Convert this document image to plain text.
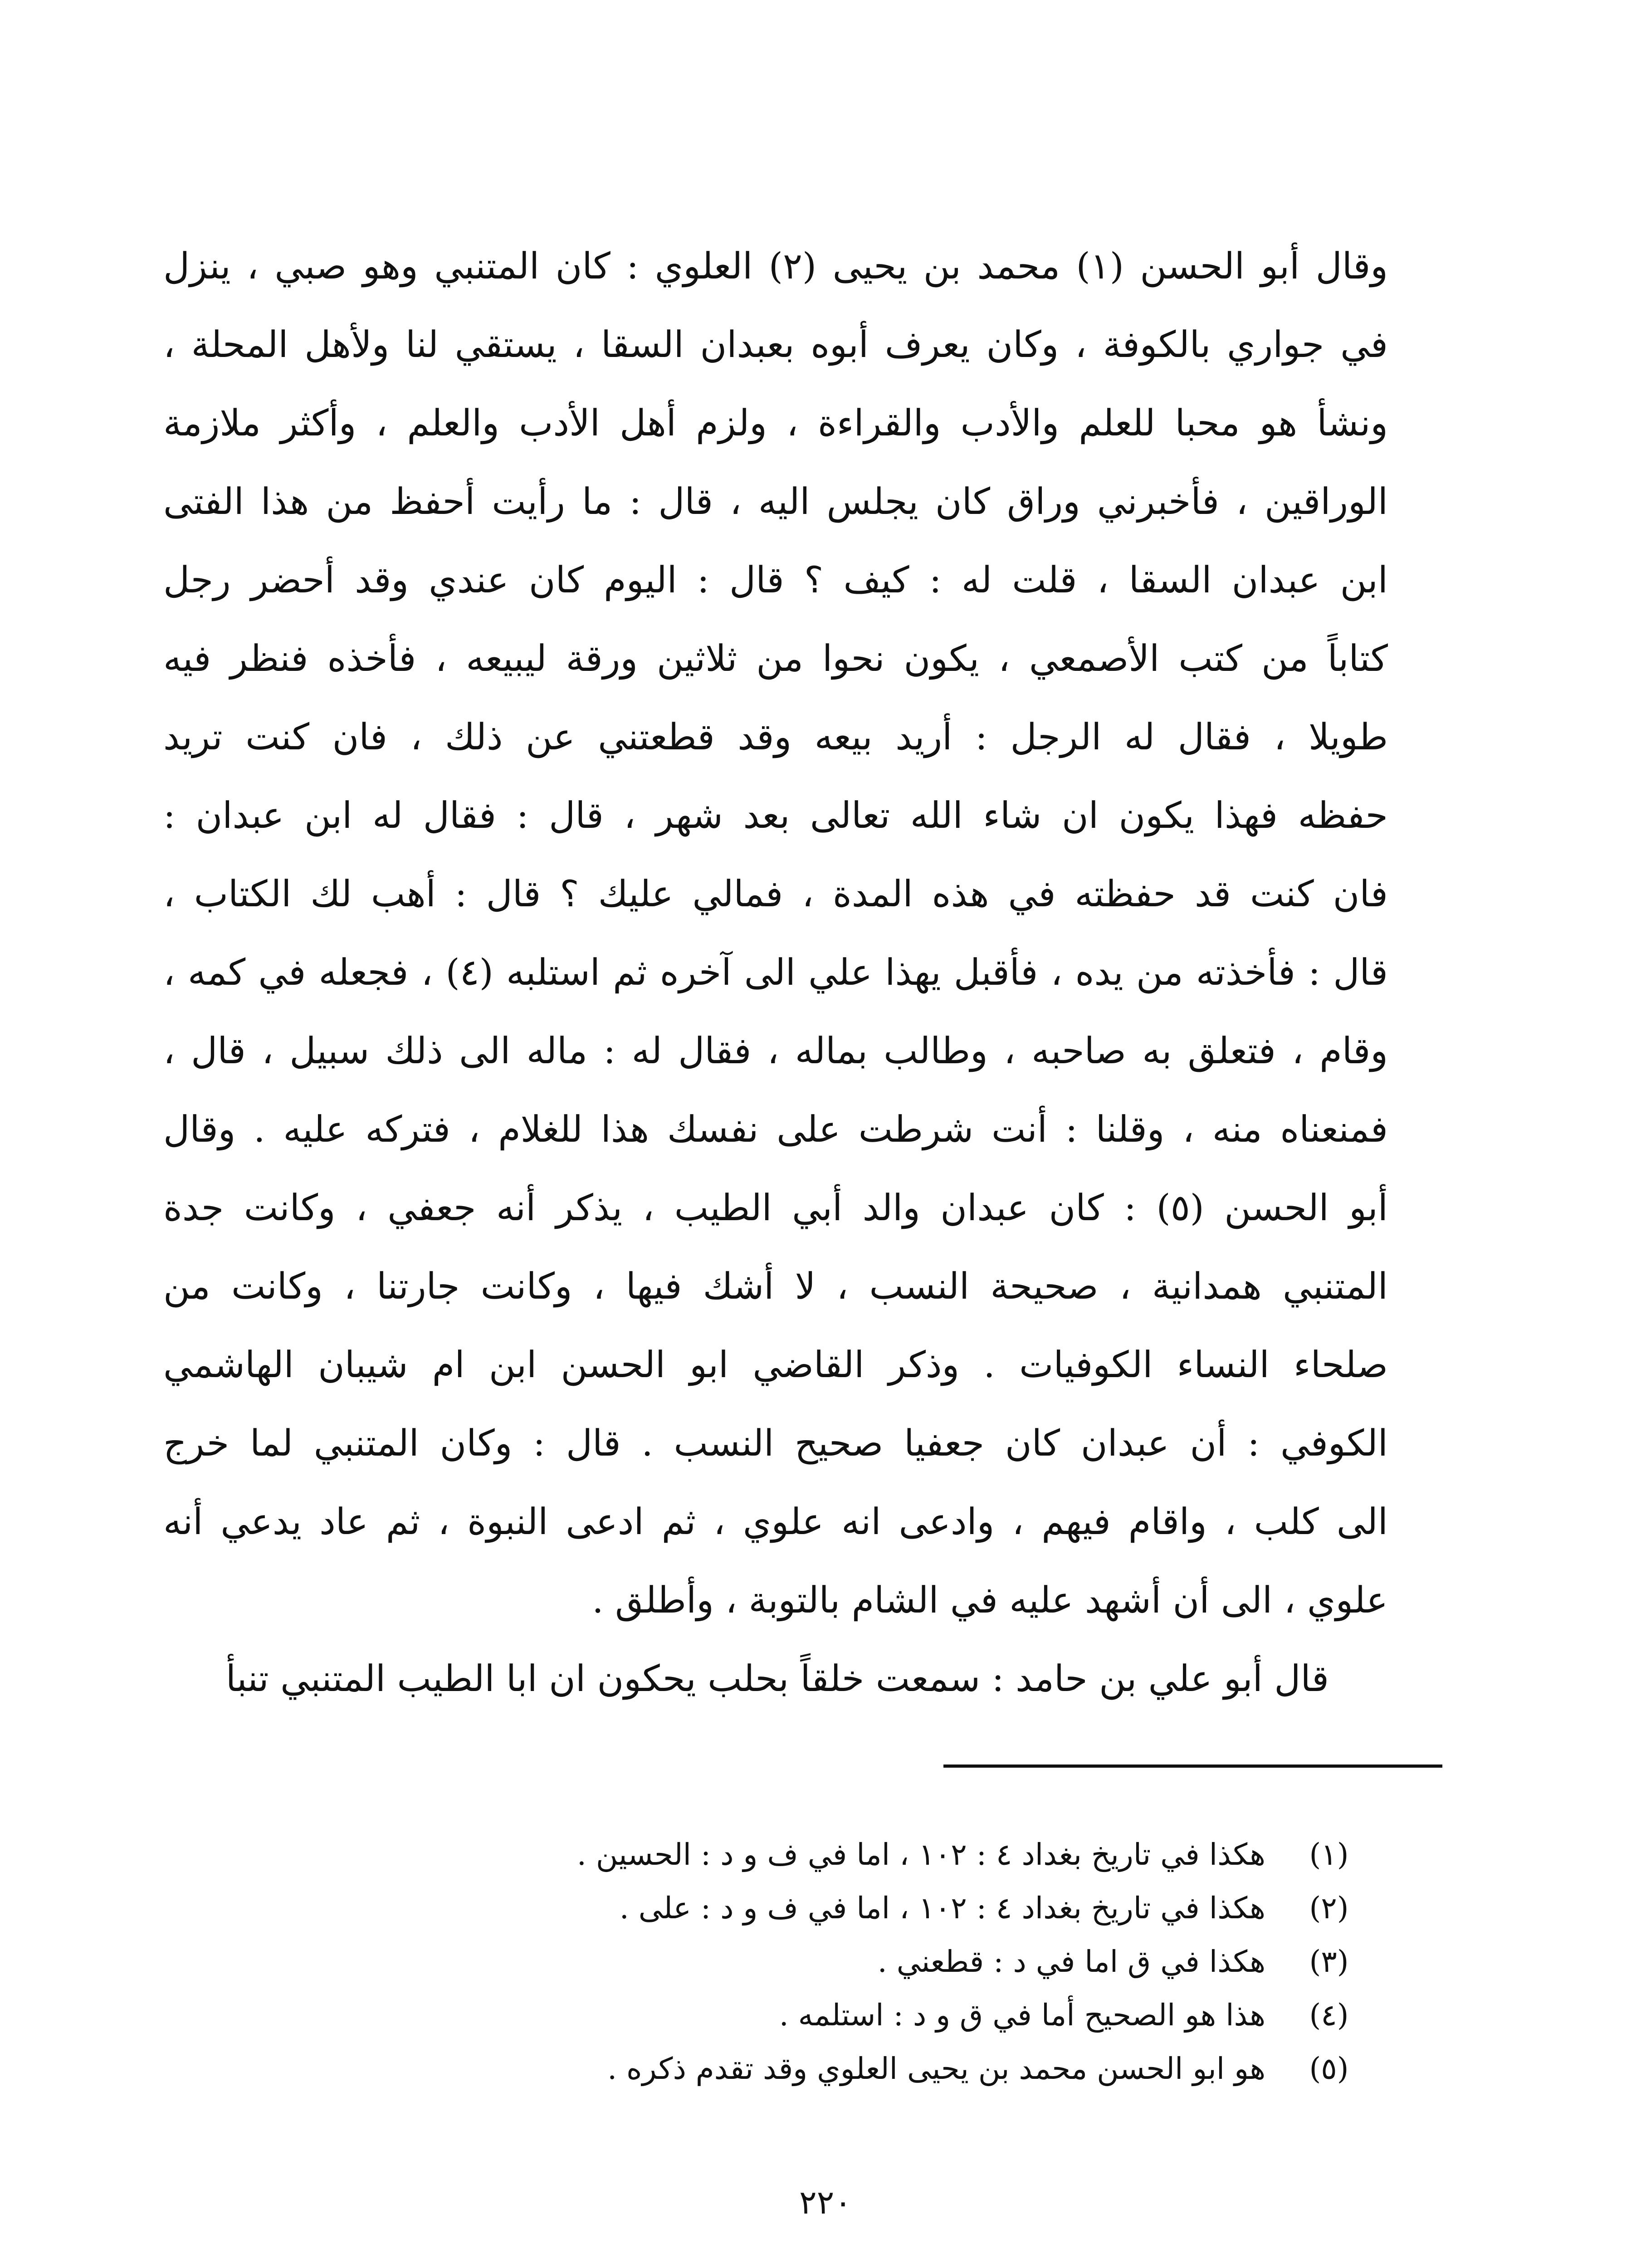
وقال أبو الحسن (١) محمد بن يحيى (٢) العلوي : كان المتنبي وهو صبي ، ينزل
في جواري بالكوفة ، وكان يعرف أبوه بعبدان السقا ، يستقي لنا ولأهل المحلة ،
ونشأ هو محبا للعلم والأدب والقراءة ، ولزم أهل الأدب والعلم ، وأكثر ملازمة
الوراقين ، فأخبرني وراق كان يجلس اليه ، قال : ما رأيت أحفظ من هذا الفتى
ابن عبدان السقا ، قلت له : كيف ؟ قال : اليوم كان عندي وقد أحضر رجل
كتاباً من كتب الأصمعي ، يكون نحوا من ثلاثين ورقة ليبيعه ، فأخذه فنظر فيه
طويلا ، فقال له الرجل : أريد بيعه وقد قطعتني عن ذلك ، فان كنت تريد
حفظه فهذا يكون ان شاء الله تعالى بعد شهر ، قال : فقال له ابن عبدان :
فان كنت قد حفظته في هذه المدة ، فمالي عليك ؟ قال : أهب لك الكتاب ،
قال : فأخذته من يده ، فأقبل يهذا علي الى آخره ثم استلبه (٤) ، فجعله في كمه ،
وقام ، فتعلق به صاحبه ، وطالب بماله ، فقال له : ماله الى ذلك سبيل ، قال ،
فمنعناه منه ، وقلنا : أنت شرطت على نفسك هذا للغلام ، فتركه عليه . وقال
أبو الحسن (٥) : كان عبدان والد أبي الطيب ، يذكر أنه جعفي ، وكانت جدة
المتنبي همدانية ، صحيحة النسب ، لا أشك فيها ، وكانت جارتنا ، وكانت من
صلحاء النساء الكوفيات . وذكر القاضي ابو الحسن ابن ام شيبان الهاشمي
الكوفي : أن عبدان كان جعفيا صحيح النسب . قال : وكان المتنبي لما خرج
الى كلب ، واقام فيهم ، وادعى انه علوي ، ثم ادعى النبوة ، ثم عاد يدعي أنه
علوي ، الى أن أشهد عليه في الشام بالتوبة ، وأطلق .
قال أبو علي بن حامد : سمعت خلقاً بحلب يحكون ان ابا الطيب المتنبي تنبأ
(١)
هكذا في تاريخ بغداد ٤ : ١٠٢ ، اما في ف و د : الحسين .
(٢)
هكذا في تاريخ بغداد ٤ : ١٠٢ ، اما في ف و د : على .
(٣)
هكذا في ق اما في د : قطعني .
(٤)
هذا هو الصحيح أما في ق و د : استلمه .
(٥)
هو ابو الحسن محمد بن يحيى العلوي وقد تقدم ذكره .
٢٢٠
